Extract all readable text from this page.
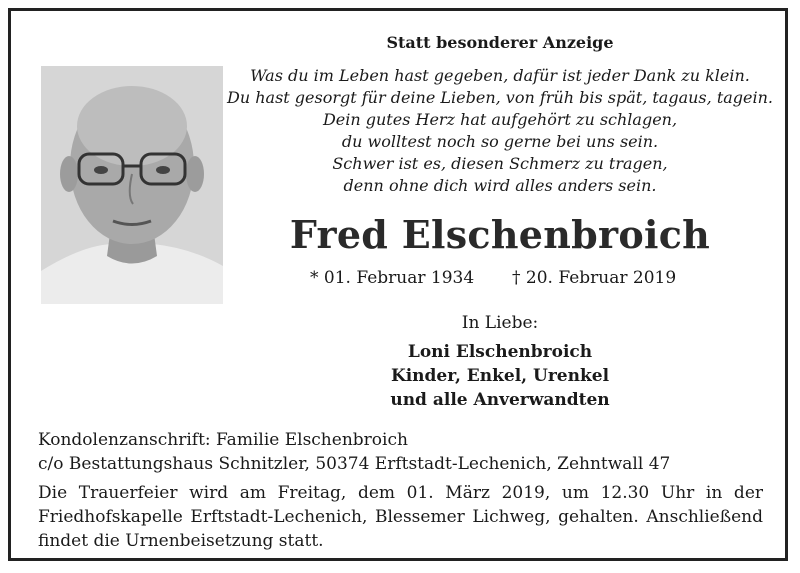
Statt besonderer Anzeige
Was du im Leben hast gegeben, dafür ist jeder Dank zu klein.
Du hast gesorgt für deine Lieben, von früh bis spät, tagaus, tagein.
Dein gutes Herz hat aufgehört zu schlagen,
du wolltest noch so gerne bei uns sein.
Schwer ist es, diesen Schmerz zu tragen,
denn ohne dich wird alles anders sein.
Fred Elschenbroich
* 01. Februar 1934 † 20. Februar 2019
In Liebe:
Loni Elschenbroich
Kinder, Enkel, Urenkel
und alle Anverwandten
Kondolenzanschrift: Familie Elschenbroich
c/o Bestattungshaus Schnitzler, 50374 Erftstadt-Lechenich, Zehntwall 47
Die Trauerfeier wird am Freitag, dem 01. März 2019, um 12.30 Uhr in der Friedhofskapelle Erftstadt-Lechenich, Blessemer Lichweg, gehalten. Anschließend findet die Urnenbeisetzung statt.
